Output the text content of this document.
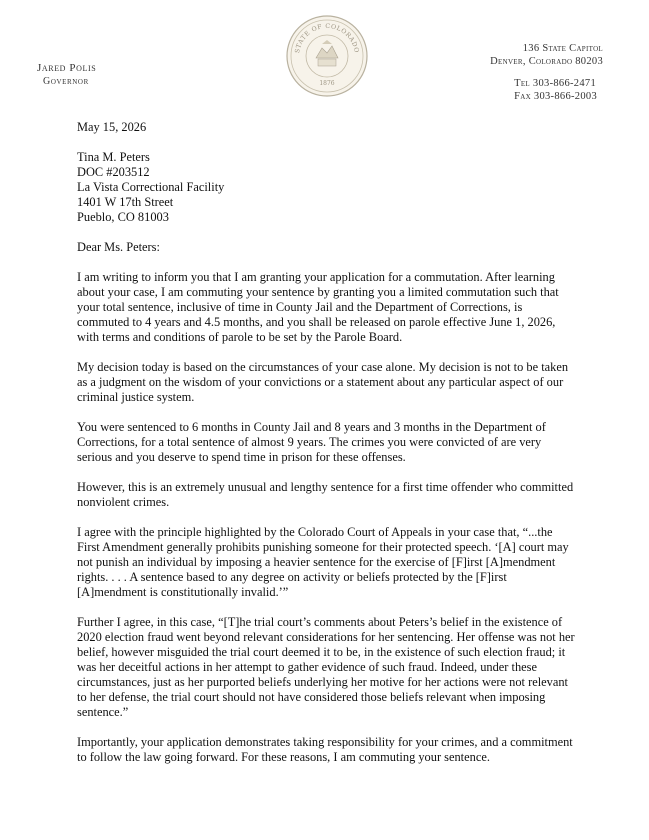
Jared Polis
Governor
STATE OF COLORADO
1876
136 State Capitol
Denver, Colorado 80203
Tel 303-866-2471
Fax 303-866-2003

May 15, 2026

Tina M. Peters
DOC #203512
La Vista Correctional Facility
1401 W 17th Street
Pueblo, CO 81003

Dear Ms. Peters:

I am writing to inform you that I am granting your application for a commutation. After learning about your case, I am commuting your sentence by granting you a limited commutation such that your total sentence, inclusive of time in County Jail and the Department of Corrections, is commuted to 4 years and 4.5 months, and you shall be released on parole effective June 1, 2026, with terms and conditions of parole to be set by the Parole Board.

My decision today is based on the circumstances of your case alone. My decision is not to be taken as a judgment on the wisdom of your convictions or a statement about any particular aspect of our criminal justice system.

You were sentenced to 6 months in County Jail and 8 years and 3 months in the Department of Corrections, for a total sentence of almost 9 years. The crimes you were convicted of are very serious and you deserve to spend time in prison for these offenses.

However, this is an extremely unusual and lengthy sentence for a first time offender who committed nonviolent crimes.

I agree with the principle highlighted by the Colorado Court of Appeals in your case that, “...the First Amendment generally prohibits punishing someone for their protected speech. ‘[A] court may not punish an individual by imposing a heavier sentence for the exercise of [F]irst [A]mendment rights. . . . A sentence based to any degree on activity or beliefs protected by the [F]irst [A]mendment is constitutionally invalid.’”

Further I agree, in this case, “[T]he trial court’s comments about Peters’s belief in the existence of 2020 election fraud went beyond relevant considerations for her sentencing. Her offense was not her belief, however misguided the trial court deemed it to be, in the existence of such election fraud; it was her deceitful actions in her attempt to gather evidence of such fraud. Indeed, under these circumstances, just as her purported beliefs underlying her motive for her actions were not relevant to her defense, the trial court should not have considered those beliefs relevant when imposing sentence.”

Importantly, your application demonstrates taking responsibility for your crimes, and a commitment to follow the law going forward. For these reasons, I am commuting your sentence.
